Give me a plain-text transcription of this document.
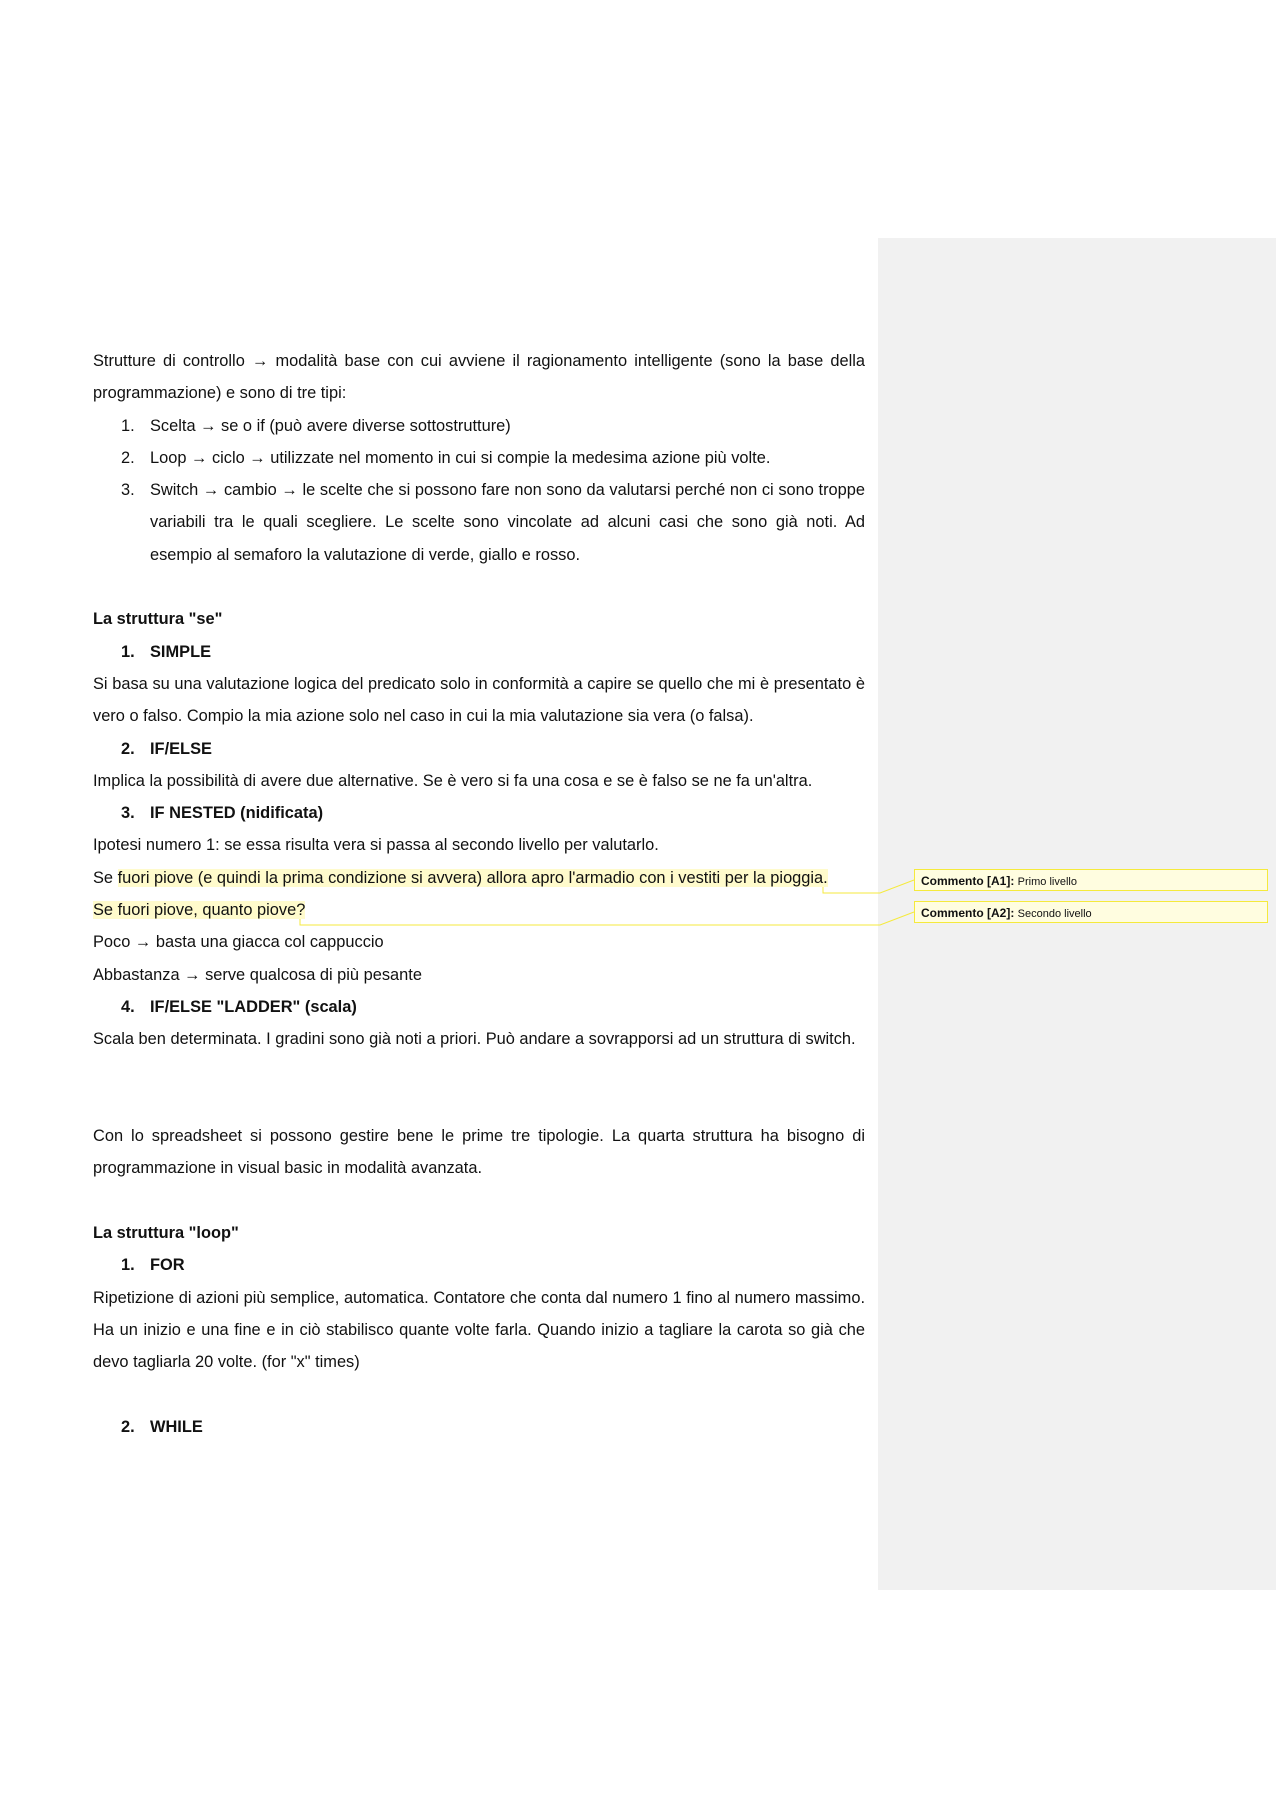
Strutture di controllo → modalità base con cui avviene il ragionamento intelligente (sono la base della programmazione) e sono di tre tipi:

1. Scelta → se o if (può avere diverse sottostrutture)
2. Loop → ciclo → utilizzate nel momento in cui si compie la medesima azione più volte.
3. Switch → cambio → le scelte che si possono fare non sono da valutarsi perché non ci sono troppe variabili tra le quali scegliere. Le scelte sono vincolate ad alcuni casi che sono già noti. Ad esempio al semaforo la valutazione di verde, giallo e rosso.

La struttura "se"

1. SIMPLE

Si basa su una valutazione logica del predicato solo in conformità a capire se quello che mi è presentato è vero o falso. Compio la mia azione solo nel caso in cui la mia valutazione sia vera (o falsa).

2. IF/ELSE

Implica la possibilità di avere due alternative. Se è vero si fa una cosa e se è falso se ne fa un'altra.

3. IF NESTED (nidificata)

Ipotesi numero 1: se essa risulta vera si passa al secondo livello per valutarlo.

Se fuori piove (e quindi la prima condizione si avvera) allora apro l'armadio con i vestiti per la pioggia.

Se fuori piove, quanto piove?

Poco → basta una giacca col cappuccio

Abbastanza → serve qualcosa di più pesante

4. IF/ELSE "LADDER" (scala)

Scala ben determinata. I gradini sono già noti a priori. Può andare a sovrapporsi ad un struttura di switch.

Con lo spreadsheet si possono gestire bene le prime tre tipologie. La quarta struttura ha bisogno di programmazione in visual basic in modalità avanzata.

La struttura "loop"

1. FOR

Ripetizione di azioni più semplice, automatica. Contatore che conta dal numero 1 fino al numero massimo. Ha un inizio e una fine e in ciò stabilisco quante volte farla. Quando inizio a tagliare la carota so già che devo tagliarla 20 volte. (for "x" times)

2. WHILE
Commento [A1]: Primo livello
Commento [A2]: Secondo livello
